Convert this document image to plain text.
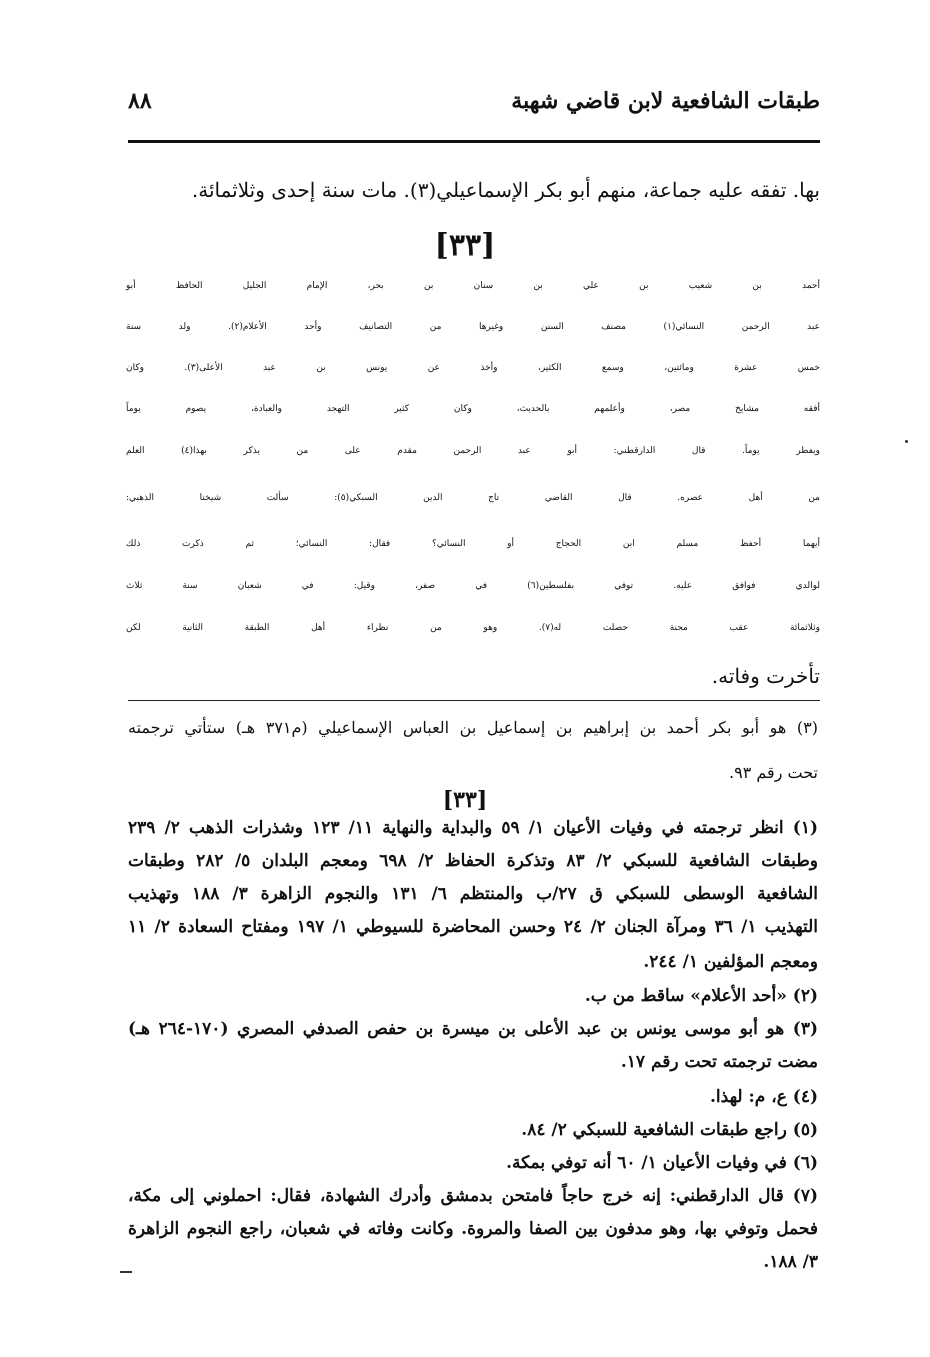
طبقات الشافعية لابن قاضي شهبة
٨٨
بها. تفقه عليه جماعة، منهم أبو بكر الإسماعيلي(٣). مات سنة إحدى وثلاثمائة.
[٣٣]
أحمد بن شعيب بن علي بن سنان بن بحر، الإمام الجليل الحافظ أبو
عبد الرحمن النسائي(١) مصنف السنن وغيرها من التصانيف وأحد الأعلام(٢). ولد سنة
خمس عشرة ومائتين، وسمع الكثير، وأخذ عن يونس بن عبد الأعلى(٣). وكان
أفقه مشايخ مصر، وأعلمهم بالحديث، وكان كثير التهجد والعبادة، يصوم يوماً
ويفطر يوماً. قال الدارقطني: أبو عبد الرحمن مقدم على من يذكر بهذا(٤) العلم
من أهل عصره. قال القاضي تاج الدين السبكي(٥): سألت شيخنا الذهبي:
أيهما أحفظ مسلم ابن الحجاج أو النسائي؟ فقال: النسائي؛ ثم ذكرت ذلك
لوالدي فوافق عليه. توفي بفلسطين(٦) في صفر، وقيل: في شعبان سنة ثلاث
وثلاثمائة عقب محنة حصلت له(٧). وهو من نظراء أهل الطبقة الثانية لكن
تأخرت وفاته.
(٣) هو أبو بكر أحمد بن إبراهيم بن إسماعيل بن العباس الإسماعيلي (م٣٧١ هـ) ستأتي ترجمته
تحت رقم ٩٣.
[٣٣]
(١) انظر ترجمته في وفيات الأعيان ١/ ٥٩ والبداية والنهاية ١١/ ١٢٣ وشذرات الذهب ٢/ ٢٣٩
وطبقات الشافعية للسبكي ٢/ ٨٣ وتذكرة الحفاظ ٢/ ٦٩٨ ومعجم البلدان ٥/ ٢٨٢ وطبقات
الشافعية الوسطى للسبكي ق ٢٧/ب والمنتظم ٦/ ١٣١ والنجوم الزاهرة ٣/ ١٨٨ وتهذيب
التهذيب ١/ ٣٦ ومرآة الجنان ٢/ ٢٤ وحسن المحاضرة للسيوطي ١/ ١٩٧ ومفتاح السعادة ٢/ ١١
ومعجم المؤلفين ١/ ٢٤٤.
(٢) «أحد الأعلام» ساقط من ب.
(٣) هو أبو موسى يونس بن عبد الأعلى بن ميسرة بن حفص الصدفي المصري (١٧٠-٢٦٤ هـ)
مضت ترجمته تحت رقم ١٧.
(٤) ع، م: لهذا.
(٥) راجع طبقات الشافعية للسبكي ٢/ ٨٤.
(٦) في وفيات الأعيان ١/ ٦٠ أنه توفي بمكة.
(٧) قال الدارقطني: إنه خرج حاجاً فامتحن بدمشق وأدرك الشهادة، فقال: احملوني إلى مكة،
فحمل وتوفي بها، وهو مدفون بين الصفا والمروة. وكانت وفاته في شعبان، راجع النجوم الزاهرة
٣/ ١٨٨.
